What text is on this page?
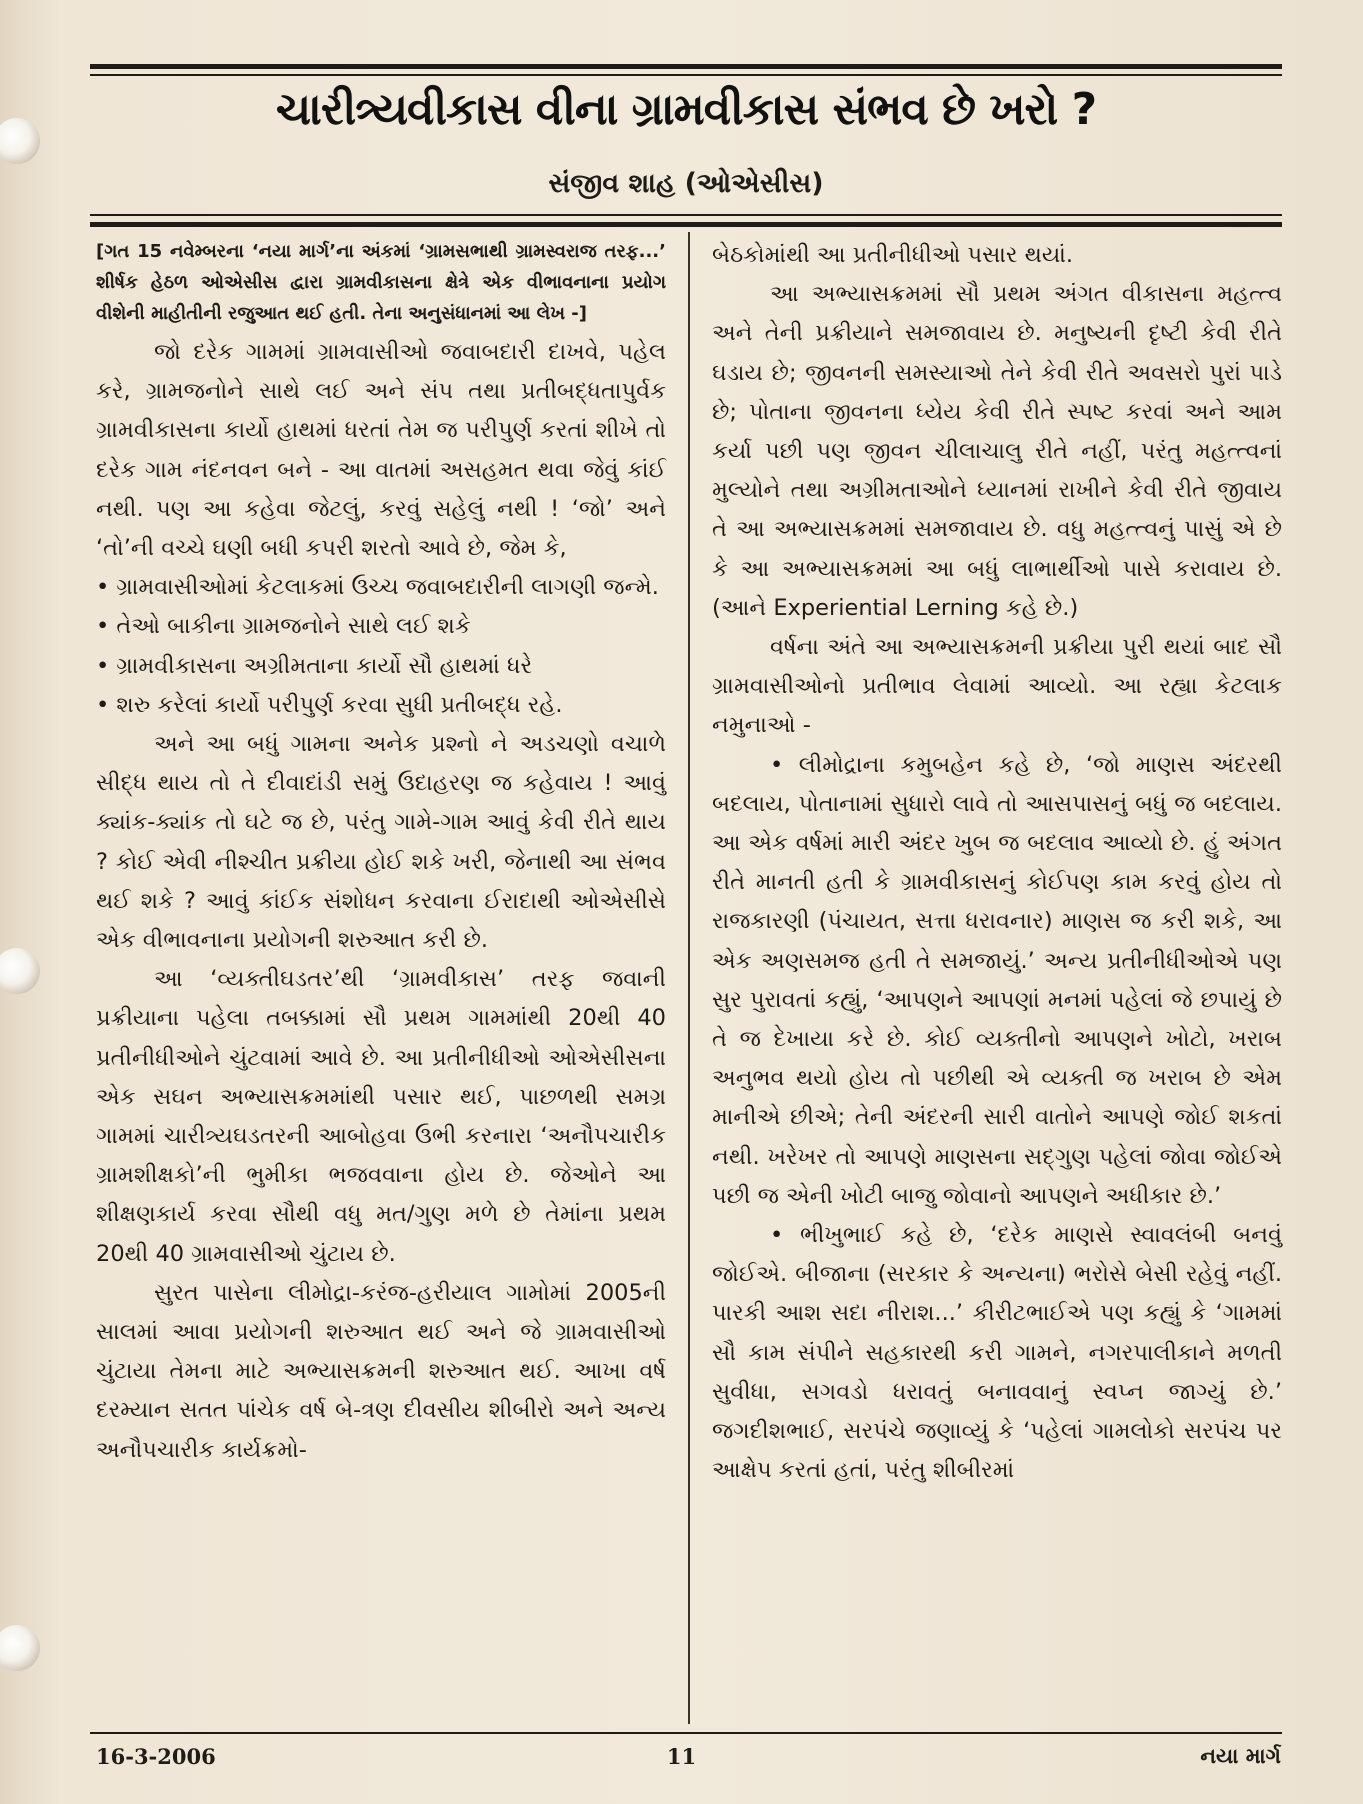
ચારીત્ર્યવીકાસ વીના ગ્રામવીકાસ સંભવ છે ખરો ?
સંજીવ શાહ (ઓએસીસ)

[ગત 15 નવેમ્બરના ‘નયા માર્ગ’ના અંકમાં ‘ગ્રામસભાથી ગ્રામસ્વરાજ તરફ...’ શીર્ષક હેઠળ ઓએસીસ દ્વારા ગ્રામવીકાસના ક્ષેત્રે એક વીભાવનાના પ્રયોગ વીશેની માહીતીની રજુઆત થઈ હતી. તેના અનુસંધાનમાં આ લેખ -]

જો દરેક ગામમાં ગ્રામવાસીઓ જવાબદારી દાખવે, પહેલ કરે, ગ્રામજનોને સાથે લઈ અને સંપ તથા પ્રતીબદ્ધતાપુર્વક ગ્રામવીકાસના કાર્યો હાથમાં ધરતાં તેમ જ પરીપુર્ણ કરતાં શીખે તો દરેક ગામ નંદનવન બને - આ વાતમાં અસહમત થવા જેવું કાંઈ નથી. પણ આ કહેવા જેટલું, કરવું સહેલું નથી ! ‘જો’ અને ‘તો’ની વચ્ચે ઘણી બધી કપરી શરતો આવે છે, જેમ કે,

• ગ્રામવાસીઓમાં કેટલાકમાં ઉચ્ચ જવાબદારીની લાગણી જન્મે.

• તેઓ બાકીના ગ્રામજનોને સાથે લઈ શકે

• ગ્રામવીકાસના અગ્રીમતાના કાર્યો સૌ હાથમાં ધરે

• શરુ કરેલાં કાર્યો પરીપુર્ણ કરવા સુધી પ્રતીબદ્ધ રહે.

અને આ બધું ગામના અનેક પ્રશ્નો ને અડચણો વચાળે સીદ્ધ થાય તો તે દીવાદાંડી સમું ઉદાહરણ જ કહેવાય ! આવું ક્યાંક-ક્યાંક તો ઘટે જ છે, પરંતુ ગામે-ગામ આવું કેવી રીતે થાય ? કોઈ એવી નીશ્ચીત પ્રક્રીયા હોઈ શકે ખરી, જેનાથી આ સંભવ થઈ શકે ? આવું કાંઈક સંશોધન કરવાના ઈરાદાથી ઓએસીસે એક વીભાવનાના પ્રયોગની શરુઆત કરી છે.

આ ‘વ્યક્તીઘડતર’થી ‘ગ્રામવીકાસ’ તરફ જવાની પ્રક્રીયાના પહેલા તબક્કામાં સૌ પ્રથમ ગામમાંથી 20થી 40 પ્રતીનીધીઓને ચુંટવામાં આવે છે. આ પ્રતીનીધીઓ ઓએસીસના એક સઘન અભ્યાસક્રમમાંથી પસાર થઈ, પાછળથી સમગ્ર ગામમાં ચારીત્ર્યઘડતરની આબોહવા ઉભી કરનારા ‘અનૌપચારીક ગ્રામશીક્ષકો’ની ભુમીકા ભજવવાના હોય છે. જેઓને આ શીક્ષણકાર્ય કરવા સૌથી વધુ મત/ગુણ મળે છે તેમાંના પ્રથમ 20થી 40 ગ્રામવાસીઓ ચુંટાય છે.

સુરત પાસેના લીમોદ્રા-કરંજ-હરીયાલ ગામોમાં 2005ની સાલમાં આવા પ્રયોગની શરુઆત થઈ અને જે ગ્રામવાસીઓ ચુંટાયા તેમના માટે અભ્યાસક્રમની શરુઆત થઈ. આખા વર્ષ દરમ્યાન સતત પાંચેક વર્ષ બે-ત્રણ દીવસીય શીબીરો અને અન્ય અનૌપચારીક કાર્યક્રમો-

બેઠકોમાંથી આ પ્રતીનીધીઓ પસાર થયાં.

આ અભ્યાસક્રમમાં સૌ પ્રથમ અંગત વીકાસના મહત્ત્વ અને તેની પ્રક્રીયાને સમજાવાય છે. મનુષ્યની દૃષ્ટી કેવી રીતે ઘડાય છે; જીવનની સમસ્યાઓ તેને કેવી રીતે અવસરો પુરાં પાડે છે; પોતાના જીવનના ધ્યેય કેવી રીતે સ્પષ્ટ કરવાં અને આમ કર્યા પછી પણ જીવન ચીલાચાલુ રીતે નહીં, પરંતુ મહત્ત્વનાં મુલ્યોને તથા અગ્રીમતાઓને ધ્યાનમાં રાખીને કેવી રીતે જીવાય તે આ અભ્યાસક્રમમાં સમજાવાય છે. વધુ મહત્ત્વનું પાસું એ છે કે આ અભ્યાસક્રમમાં આ બધું લાભાર્થીઓ પાસે કરાવાય છે. (આને Experiential Lerning કહે છે.)

વર્ષના અંતે આ અભ્યાસક્રમની પ્રક્રીયા પુરી થયાં બાદ સૌ ગ્રામવાસીઓનો પ્રતીભાવ લેવામાં આવ્યો. આ રહ્યા કેટલાક નમુનાઓ -

• લીમોદ્રાના કમુબહેન કહે છે, ‘જો માણસ અંદરથી બદલાય, પોતાનામાં સુધારો લાવે તો આસપાસનું બધું જ બદલાય. આ એક વર્ષમાં મારી અંદર ખુબ જ બદલાવ આવ્યો છે. હું અંગત રીતે માનતી હતી કે ગ્રામવીકાસનું કોઈપણ કામ કરવું હોય તો રાજકારણી (પંચાયત, સત્તા ધરાવનાર) માણસ જ કરી શકે, આ એક અણસમજ હતી તે સમજાયું.’ અન્ય પ્રતીનીધીઓએ પણ સુર પુરાવતાં કહ્યું, ‘આપણને આપણાં મનમાં પહેલાં જે છપાયું છે તે જ દેખાયા કરે છે. કોઈ વ્યક્તીનો આપણને ખોટો, ખરાબ અનુભવ થયો હોય તો પછીથી એ વ્યક્તી જ ખરાબ છે એમ માનીએ છીએ; તેની અંદરની સારી વાતોને આપણે જોઈ શકતાં નથી. ખરેખર તો આપણે માણસના સદ્ગુણ પહેલાં જોવા જોઈએ પછી જ એની ખોટી બાજુ જોવાનો આપણને અધીકાર છે.’

• ભીખુભાઈ કહે છે, ‘દરેક માણસે સ્વાવલંબી બનવું જોઈએ. બીજાના (સરકાર કે અન્યના) ભરોસે બેસી રહેવું નહીં. પારકી આશ સદા નીરાશ...’ કીરીટભાઈએ પણ કહ્યું કે ‘ગામમાં સૌ કામ સંપીને સહકારથી કરી ગામને, નગરપાલીકાને મળતી સુવીધા, સગવડો ધરાવતું બનાવવાનું સ્વપ્ન જાગ્યું છે.’ જગદીશભાઈ, સરપંચે જણાવ્યું કે ‘પહેલાં ગામલોકો સરપંચ પર આક્ષેપ કરતાં હતાં, પરંતુ શીબીરમાં

16-3-2006	11	નયા માર્ગ
